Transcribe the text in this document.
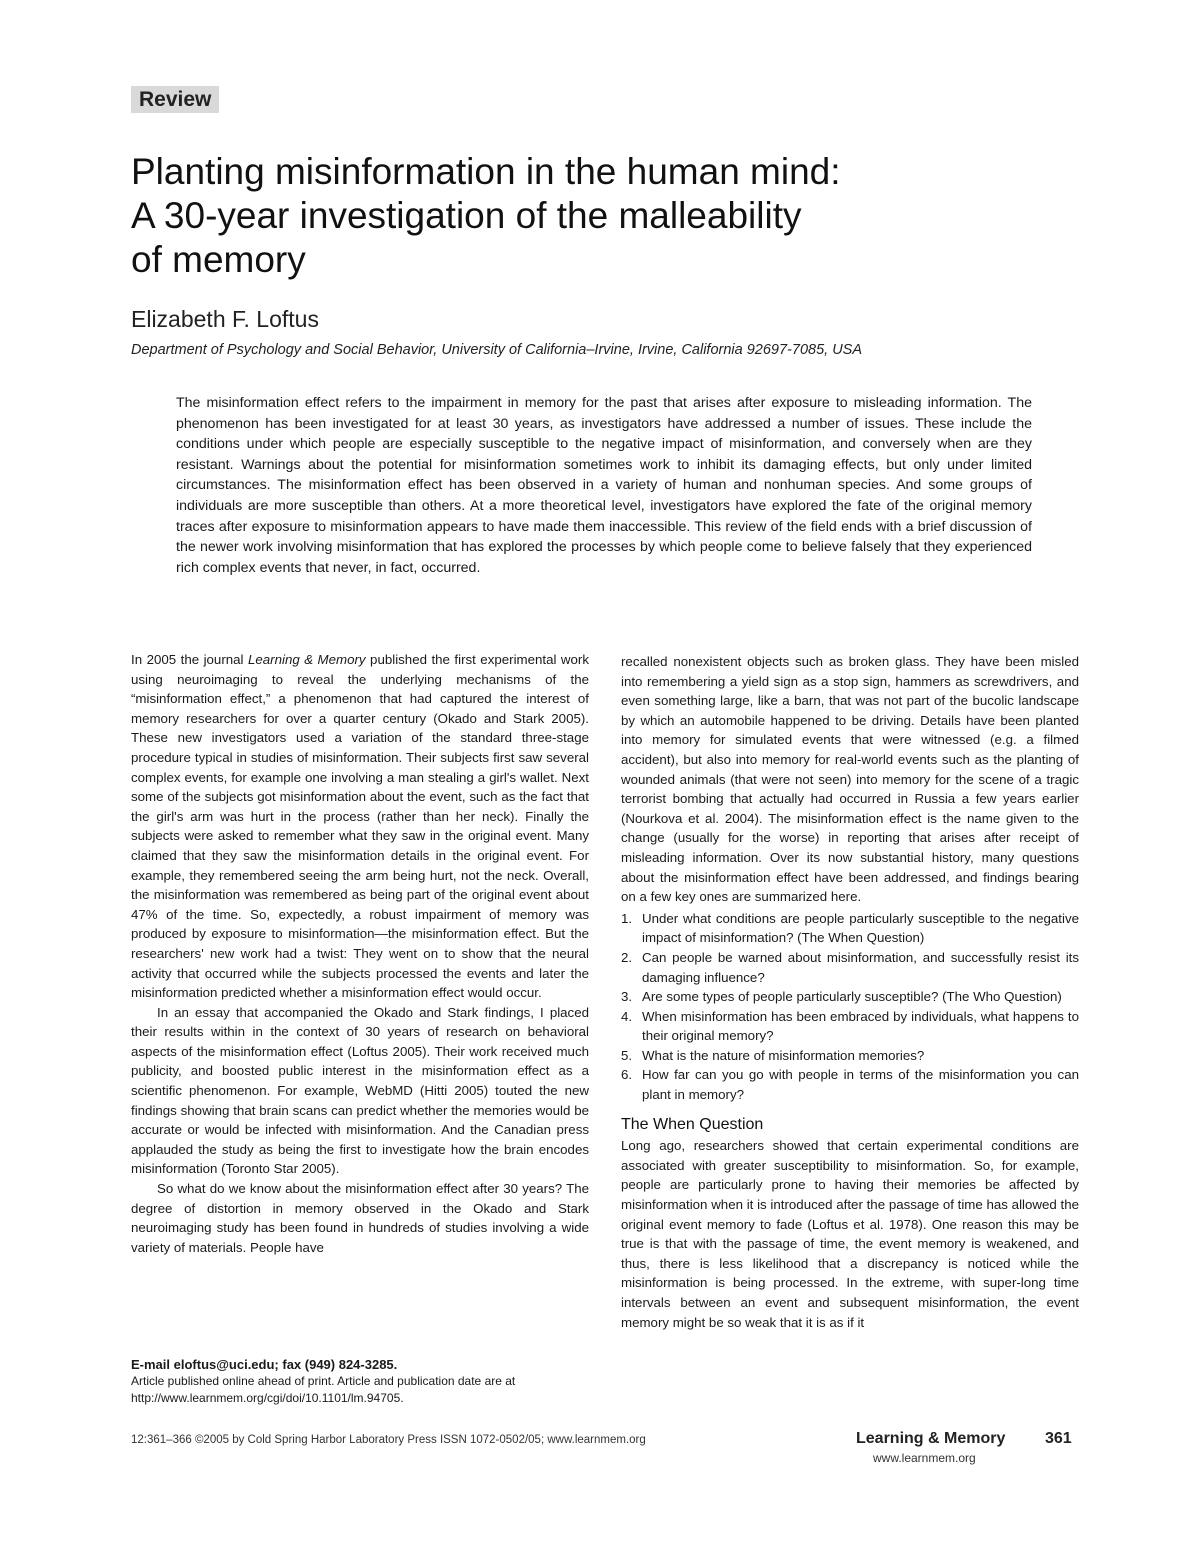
Review
Planting misinformation in the human mind:
A 30-year investigation of the malleability
of memory
Elizabeth F. Loftus
Department of Psychology and Social Behavior, University of California–Irvine, Irvine, California 92697-7085, USA

The misinformation effect refers to the impairment in memory for the past that arises after exposure to misleading information. The phenomenon has been investigated for at least 30 years, as investigators have addressed a number of issues. These include the conditions under which people are especially susceptible to the negative impact of misinformation, and conversely when are they resistant. Warnings about the potential for misinformation sometimes work to inhibit its damaging effects, but only under limited circumstances. The misinformation effect has been observed in a variety of human and nonhuman species. And some groups of individuals are more susceptible than others. At a more theoretical level, investigators have explored the fate of the original memory traces after exposure to misinformation appears to have made them inaccessible. This review of the field ends with a brief discussion of the newer work involving misinformation that has explored the processes by which people come to believe falsely that they experienced rich complex events that never, in fact, occurred.

In 2005 the journal Learning & Memory published the first experimental work using neuroimaging to reveal the underlying mechanisms of the “misinformation effect,” a phenomenon that had captured the interest of memory researchers for over a quarter century (Okado and Stark 2005). These new investigators used a variation of the standard three-stage procedure typical in studies of misinformation. Their subjects first saw several complex events, for example one involving a man stealing a girl's wallet. Next some of the subjects got misinformation about the event, such as the fact that the girl's arm was hurt in the process (rather than her neck). Finally the subjects were asked to remember what they saw in the original event. Many claimed that they saw the misinformation details in the original event. For example, they remembered seeing the arm being hurt, not the neck. Overall, the misinformation was remembered as being part of the original event about 47% of the time. So, expectedly, a robust impairment of memory was produced by exposure to misinformation—the misinformation effect. But the researchers' new work had a twist: They went on to show that the neural activity that occurred while the subjects processed the events and later the misinformation predicted whether a misinformation effect would occur.

In an essay that accompanied the Okado and Stark findings, I placed their results within in the context of 30 years of research on behavioral aspects of the misinformation effect (Loftus 2005). Their work received much publicity, and boosted public interest in the misinformation effect as a scientific phenomenon. For example, WebMD (Hitti 2005) touted the new findings showing that brain scans can predict whether the memories would be accurate or would be infected with misinformation. And the Canadian press applauded the study as being the first to investigate how the brain encodes misinformation (Toronto Star 2005).

So what do we know about the misinformation effect after 30 years? The degree of distortion in memory observed in the Okado and Stark neuroimaging study has been found in hundreds of studies involving a wide variety of materials. People have

recalled nonexistent objects such as broken glass. They have been misled into remembering a yield sign as a stop sign, hammers as screwdrivers, and even something large, like a barn, that was not part of the bucolic landscape by which an automobile happened to be driving. Details have been planted into memory for simulated events that were witnessed (e.g. a filmed accident), but also into memory for real-world events such as the planting of wounded animals (that were not seen) into memory for the scene of a tragic terrorist bombing that actually had occurred in Russia a few years earlier (Nourkova et al. 2004). The misinformation effect is the name given to the change (usually for the worse) in reporting that arises after receipt of misleading information. Over its now substantial history, many questions about the misinformation effect have been addressed, and findings bearing on a few key ones are summarized here.

1. Under what conditions are people particularly susceptible to the negative impact of misinformation? (The When Question)
2. Can people be warned about misinformation, and successfully resist its damaging influence?
3. Are some types of people particularly susceptible? (The Who Question)
4. When misinformation has been embraced by individuals, what happens to their original memory?
5. What is the nature of misinformation memories?
6. How far can you go with people in terms of the misinformation you can plant in memory?
The When Question

Long ago, researchers showed that certain experimental conditions are associated with greater susceptibility to misinformation. So, for example, people are particularly prone to having their memories be affected by misinformation when it is introduced after the passage of time has allowed the original event memory to fade (Loftus et al. 1978). One reason this may be true is that with the passage of time, the event memory is weakened, and thus, there is less likelihood that a discrepancy is noticed while the misinformation is being processed. In the extreme, with super-long time intervals between an event and subsequent misinformation, the event memory might be so weak that it is as if it

E-mail eloftus@uci.edu; fax (949) 824-3285.
Article published online ahead of print. Article and publication date are at http://www.learnmem.org/cgi/doi/10.1101/lm.94705.
12:361–366 ©2005 by Cold Spring Harbor Laboratory Press ISSN 1072-0502/05; www.learnmem.org	Learning & Memory 361
www.learnmem.org
